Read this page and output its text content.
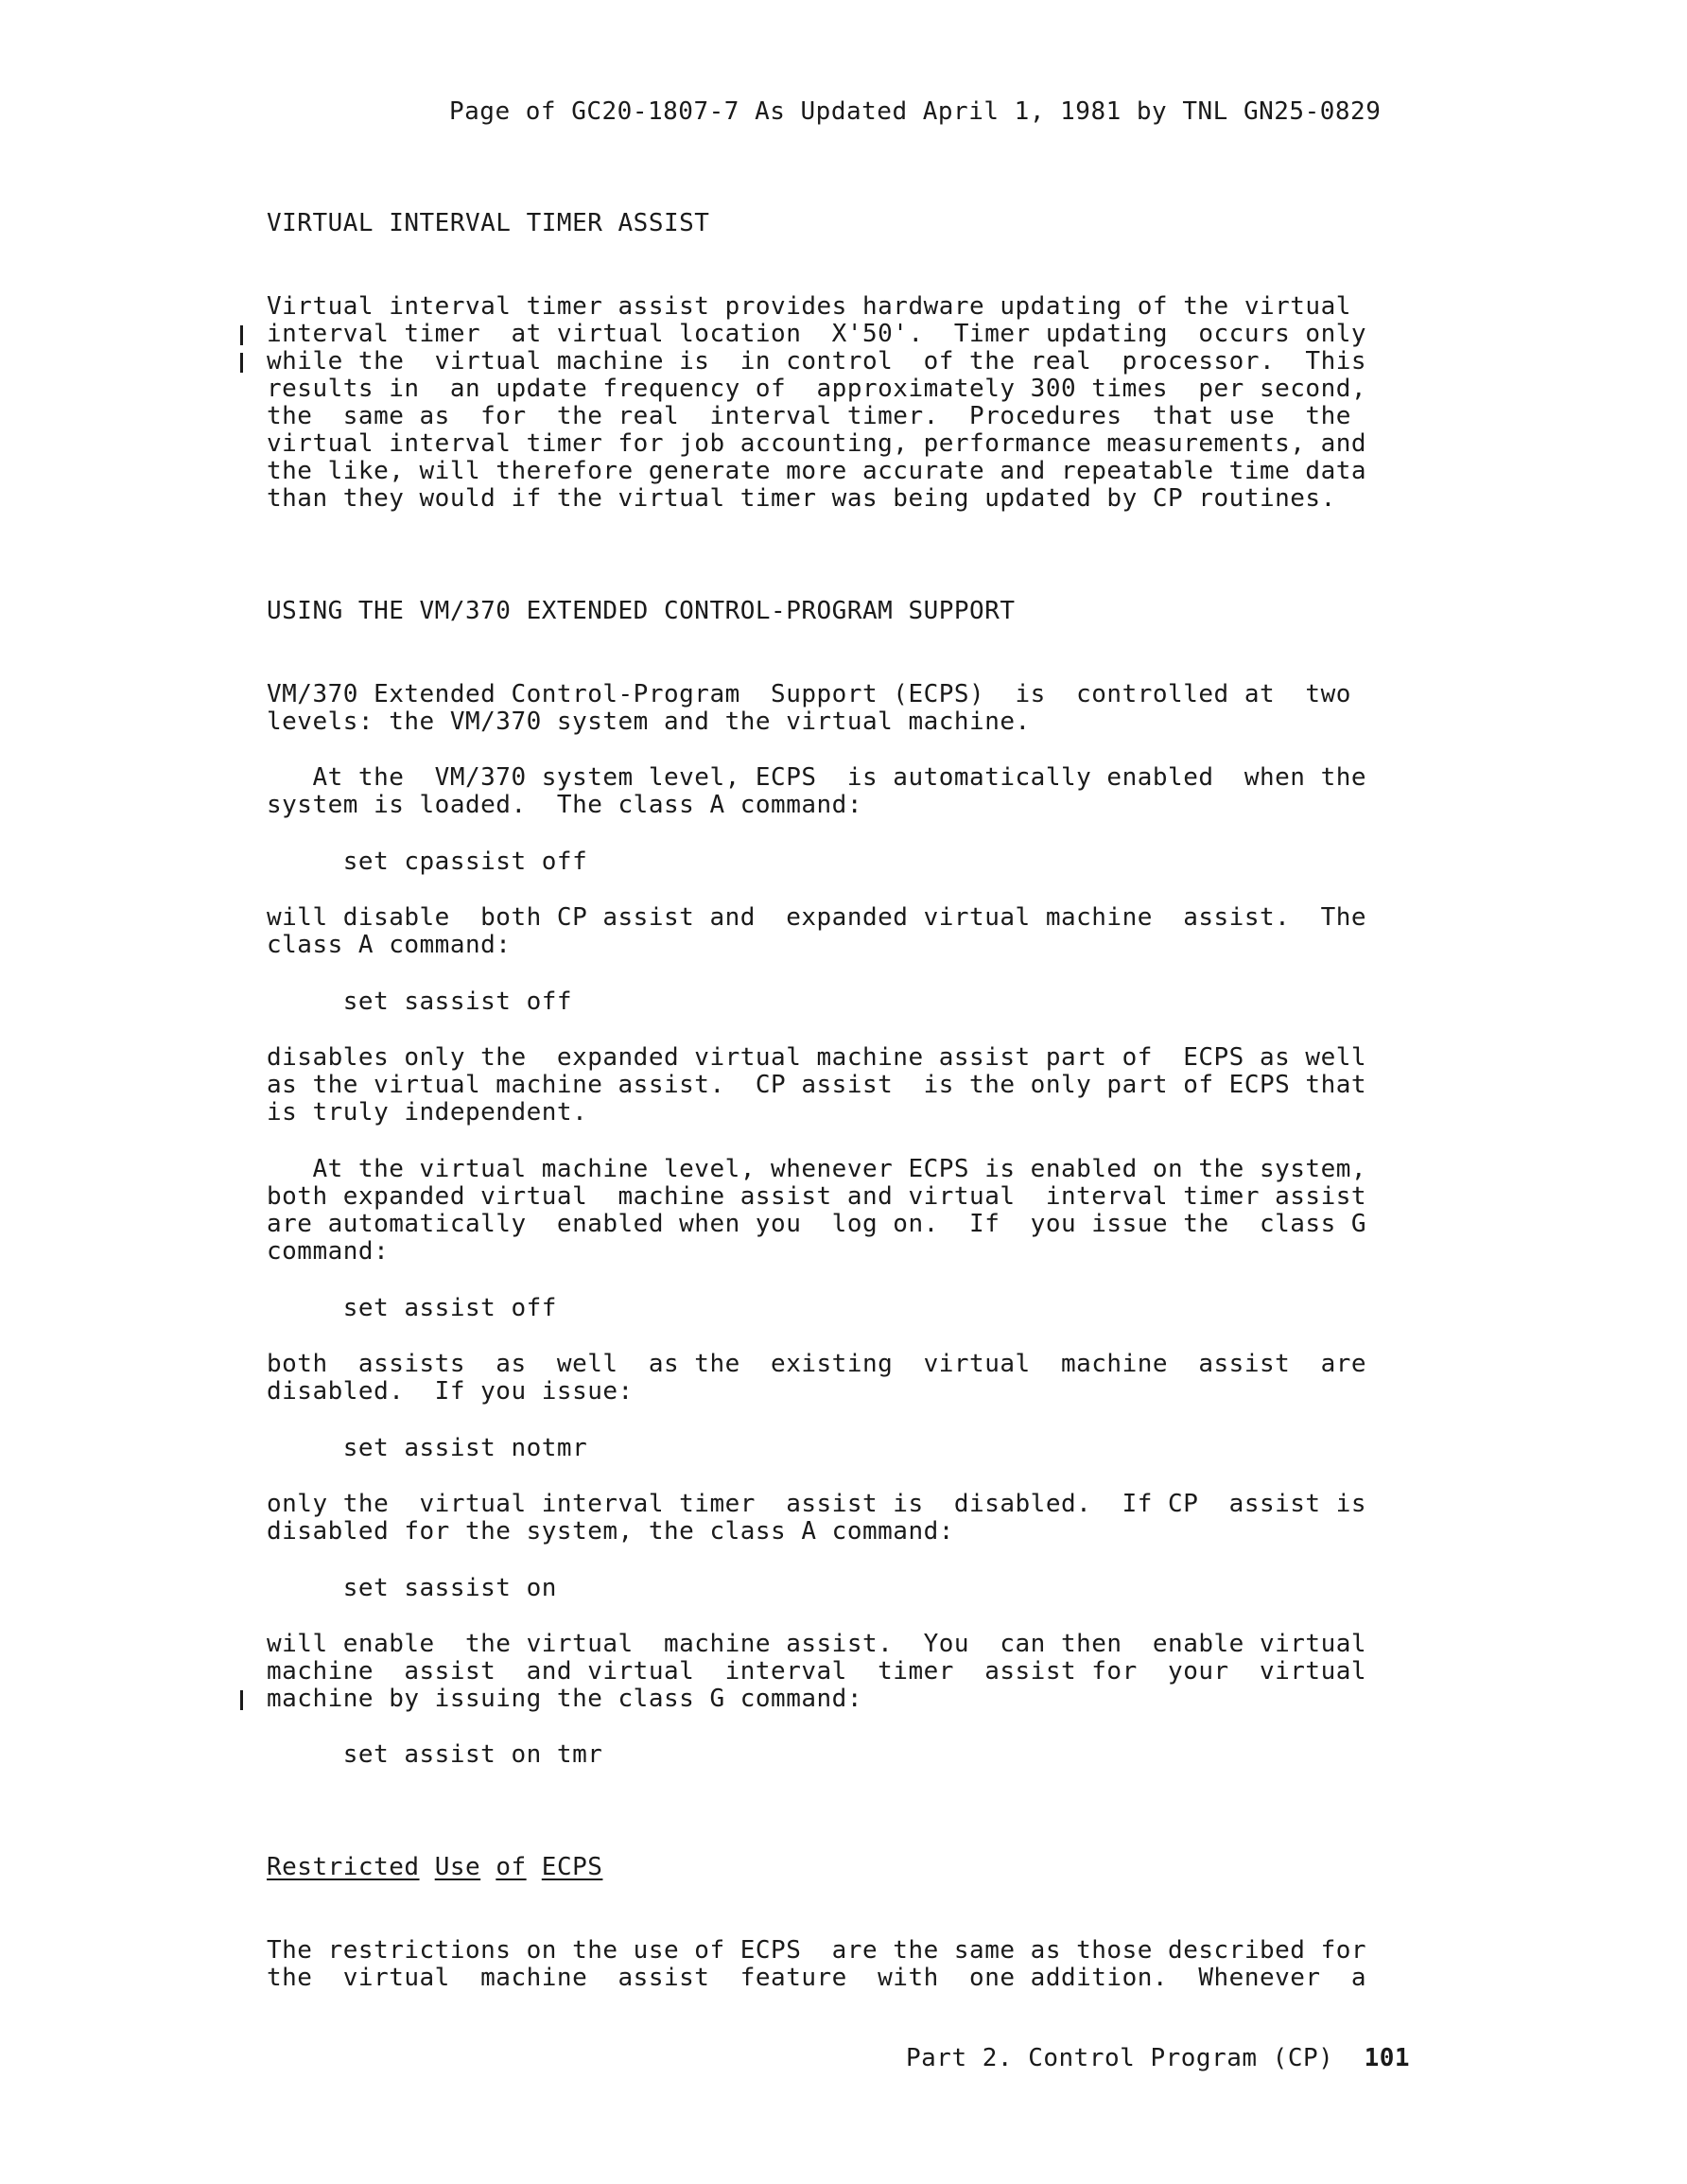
Page of GC20-1807-7 As Updated April 1, 1981 by TNL GN25-0829
VIRTUAL INTERVAL TIMER ASSIST
Virtual interval timer assist provides hardware updating of the virtual
interval timer  at virtual location  X'50'.  Timer updating  occurs only
while the  virtual machine is  in control  of the real  processor.  This
results in  an update frequency of  approximately 300 times  per second,
the  same as  for  the real  interval timer.  Procedures  that use  the
virtual interval timer for job accounting, performance measurements, and
the like, will therefore generate more accurate and repeatable time data
than they would if the virtual timer was being updated by CP routines.
USING THE VM/370 EXTENDED CONTROL-PROGRAM SUPPORT
VM/370 Extended Control-Program  Support (ECPS)  is  controlled at  two
levels: the VM/370 system and the virtual machine.
At the  VM/370 system level, ECPS  is automatically enabled  when the
system is loaded.  The class A command:
set cpassist off
will disable  both CP assist and  expanded virtual machine  assist.  The
class A command:
set sassist off
disables only the  expanded virtual machine assist part of  ECPS as well
as the virtual machine assist.  CP assist  is the only part of ECPS that
is truly independent.
At the virtual machine level, whenever ECPS is enabled on the system,
both expanded virtual  machine assist and virtual  interval timer assist
are automatically  enabled when you  log on.  If  you issue the  class G
command:
set assist off
both  assists  as  well  as the  existing  virtual  machine  assist  are
disabled.  If you issue:
set assist notmr
only the  virtual interval timer  assist is  disabled.  If CP  assist is
disabled for the system, the class A command:
set sassist on
will enable  the virtual  machine assist.  You  can then  enable virtual
machine  assist  and virtual  interval  timer  assist for  your  virtual
machine by issuing the class G command:
set assist on tmr
Restricted Use of ECPS
The restrictions on the use of ECPS  are the same as those described for
the  virtual  machine  assist  feature  with  one addition.  Whenever  a
Part 2. Control Program (CP) 101
